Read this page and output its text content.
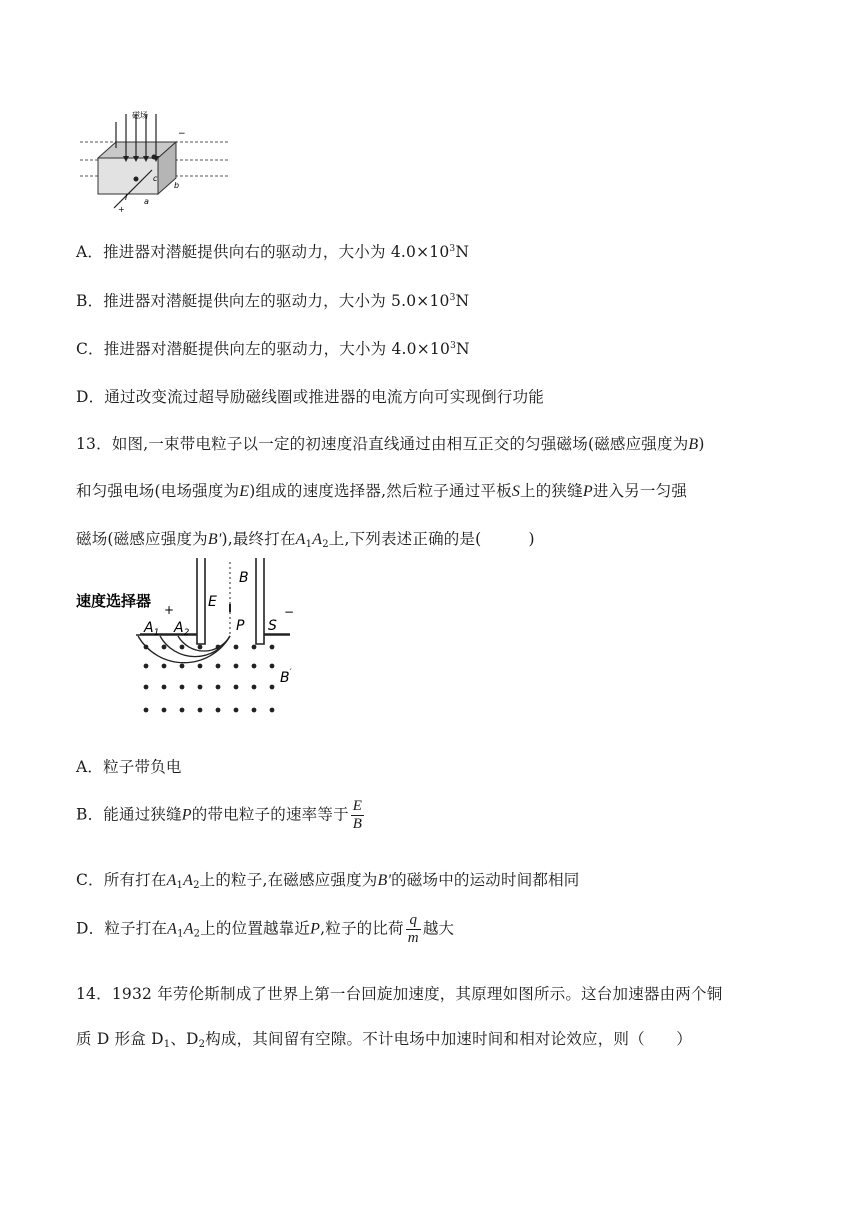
磁场
c
b
a
I
+
−
A．推进器对潜艇提供向右的驱动力，大小为 $4.0\times 10^3N$
B．推进器对潜艇提供向左的驱动力，大小为 $5.0\times 10^3N$
C．推进器对潜艇提供向左的驱动力，大小为 $4.0\times 10^3N$
D．通过改变流过超导励磁线圈或推进器的电流方向可实现倒行功能
13．如图,一束带电粒子以一定的初速度沿直线通过由相互正交的匀强磁场(磁感应强度为B)
和匀强电场(电场强度为E)组成的速度选择器,然后粒子通过平板S上的狭缝P进入另一匀强
磁场(磁感应强度为B'),最终打在$A_1A_2$上,下列表述正确的是(　　　)
速度选择器 +	−
E
B
$A_1$ $A_2$	P S
B′
A．粒子带负电
B．能通过狭缝P的带电粒子的速率等于 $\frac{E}{B}$
C．所有打在$A_1A_2$上的粒子,在磁感应强度为B'的磁场中的运动时间都相同
D．粒子打在$A_1A_2$上的位置越靠近P,粒子的比荷 $\frac{q}{m}$ 越大
14．1932 年劳伦斯制成了世界上第一台回旋加速度，其原理如图所示。这台加速器由两个铜
质 D 形盒 $D_1$、$D_2$构成，其间留有空隙。不计电场中加速时间和相对论效应，则（　　）
